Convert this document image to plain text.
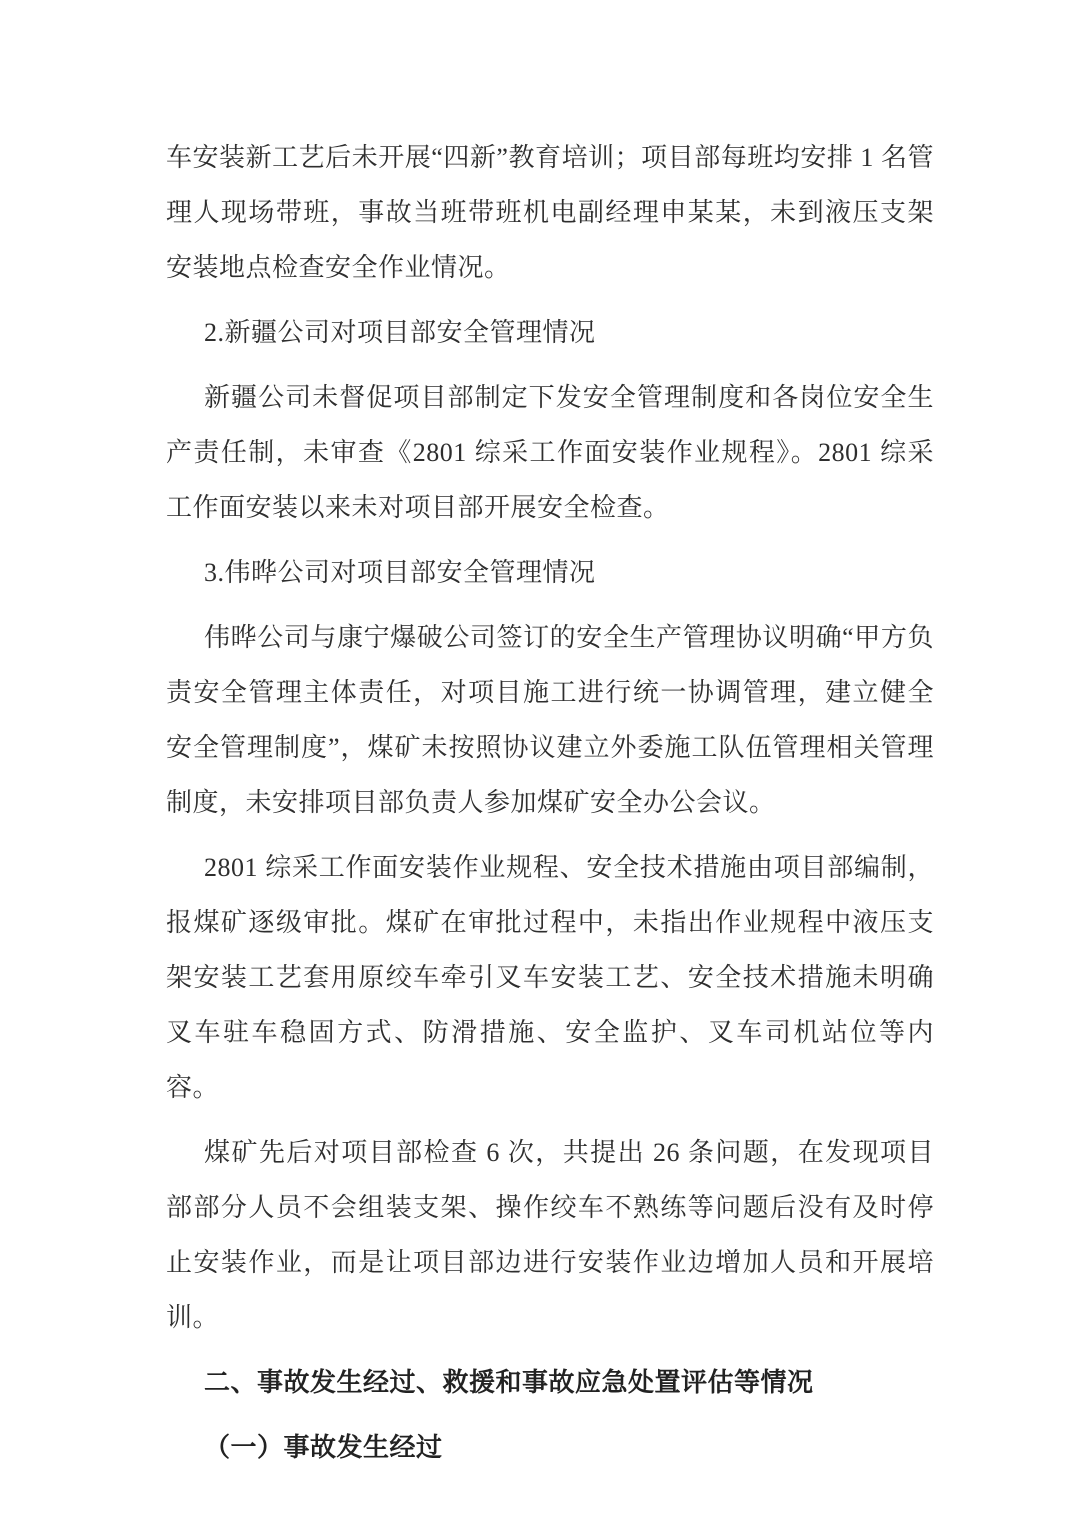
车安装新工艺后未开展“四新”教育培训；项目部每班均安排 1 名管理人现场带班，事故当班带班机电副经理申某某，未到液压支架安装地点检查安全作业情况。

2.新疆公司对项目部安全管理情况

新疆公司未督促项目部制定下发安全管理制度和各岗位安全生产责任制，未审查《2801 综采工作面安装作业规程》。2801 综采工作面安装以来未对项目部开展安全检查。

3.伟晔公司对项目部安全管理情况

伟晔公司与康宁爆破公司签订的安全生产管理协议明确“甲方负责安全管理主体责任，对项目施工进行统一协调管理，建立健全安全管理制度”，煤矿未按照协议建立外委施工队伍管理相关管理制度，未安排项目部负责人参加煤矿安全办公会议。

2801 综采工作面安装作业规程、安全技术措施由项目部编制，报煤矿逐级审批。煤矿在审批过程中，未指出作业规程中液压支架安装工艺套用原绞车牵引叉车安装工艺、安全技术措施未明确叉车驻车稳固方式、防滑措施、安全监护、叉车司机站位等内容。

煤矿先后对项目部检查 6 次，共提出 26 条问题，在发现项目部部分人员不会组装支架、操作绞车不熟练等问题后没有及时停止安装作业，而是让项目部边进行安装作业边增加人员和开展培训。

二、事故发生经过、救援和事故应急处置评估等情况

（一）事故发生经过
